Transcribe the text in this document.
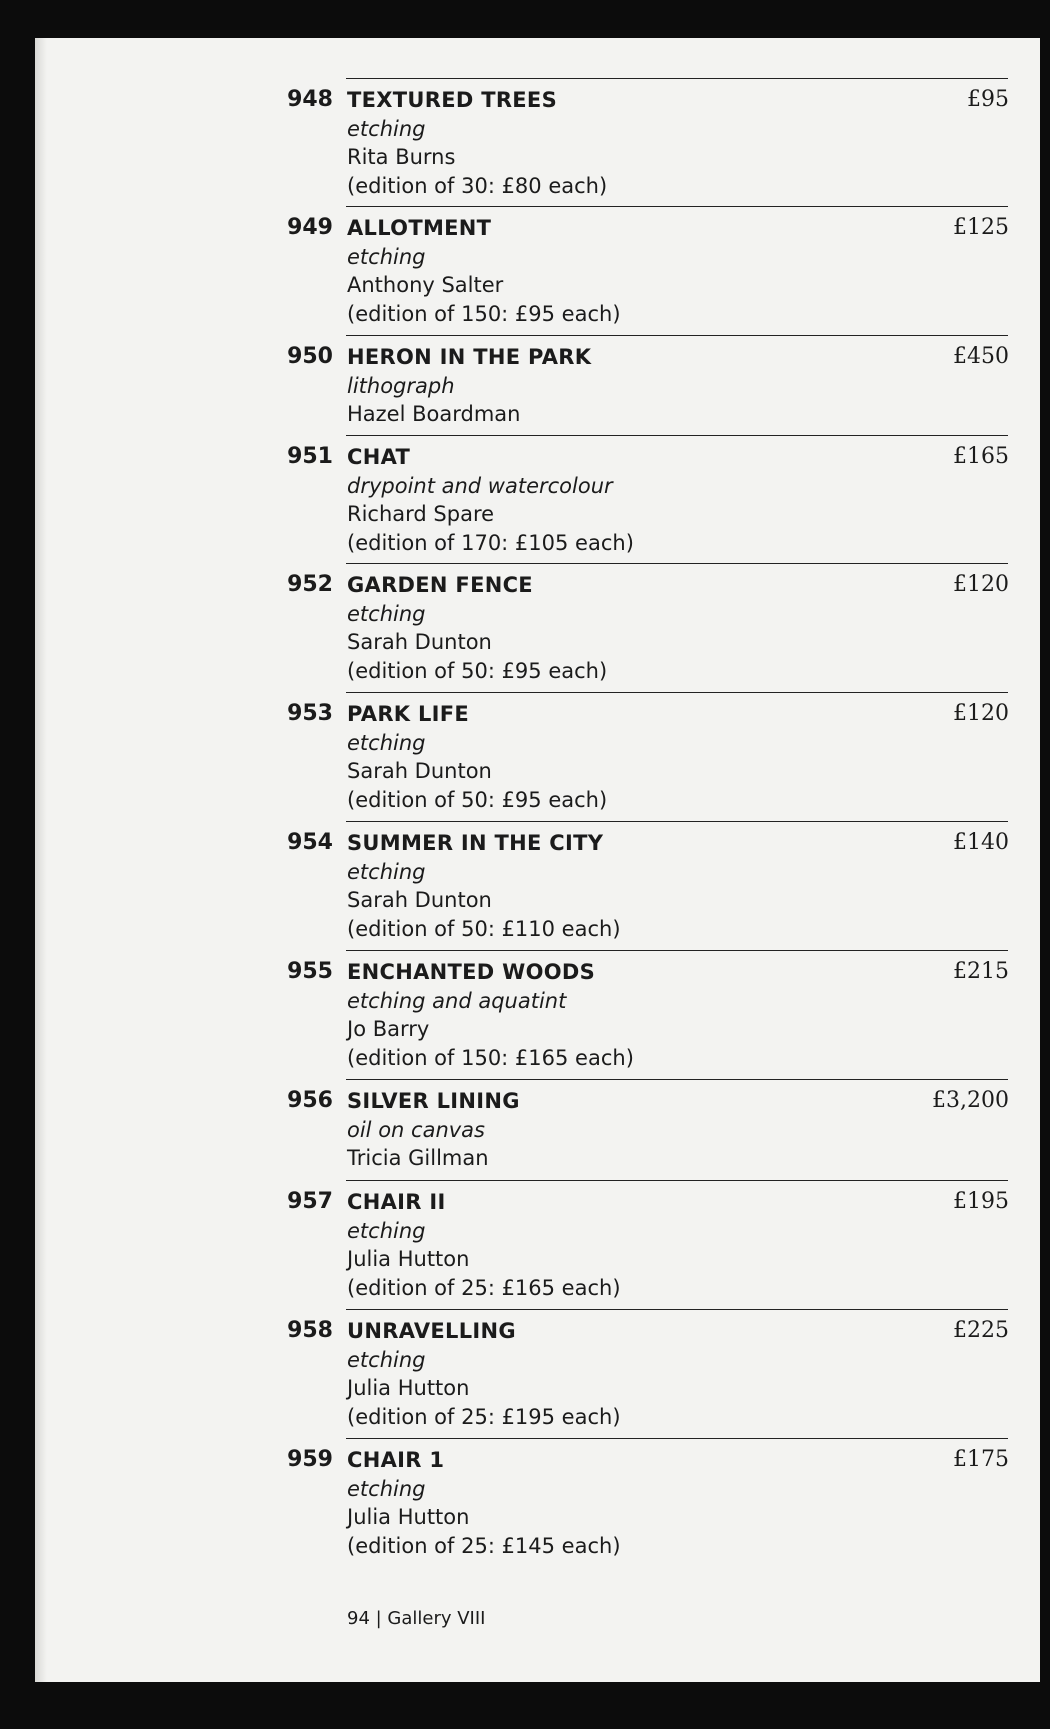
948 TEXTURED TREES
etching
Rita Burns
(edition of 30: £80 each)
£95
949 ALLOTMENT
etching
Anthony Salter
(edition of 150: £95 each)
£125
950 HERON IN THE PARK
lithograph
Hazel Boardman
£450
951 CHAT
drypoint and watercolour
Richard Spare
(edition of 170: £105 each)
£165
952 GARDEN FENCE
etching
Sarah Dunton
(edition of 50: £95 each)
£120
953 PARK LIFE
etching
Sarah Dunton
(edition of 50: £95 each)
£120
954 SUMMER IN THE CITY
etching
Sarah Dunton
(edition of 50: £110 each)
£140
955 ENCHANTED WOODS
etching and aquatint
Jo Barry
(edition of 150: £165 each)
£215
956 SILVER LINING
oil on canvas
Tricia Gillman
£3,200
957 CHAIR II
etching
Julia Hutton
(edition of 25: £165 each)
£195
958 UNRAVELLING
etching
Julia Hutton
(edition of 25: £195 each)
£225
959 CHAIR 1
etching
Julia Hutton
(edition of 25: £145 each)
£175
94 | Gallery VIII
